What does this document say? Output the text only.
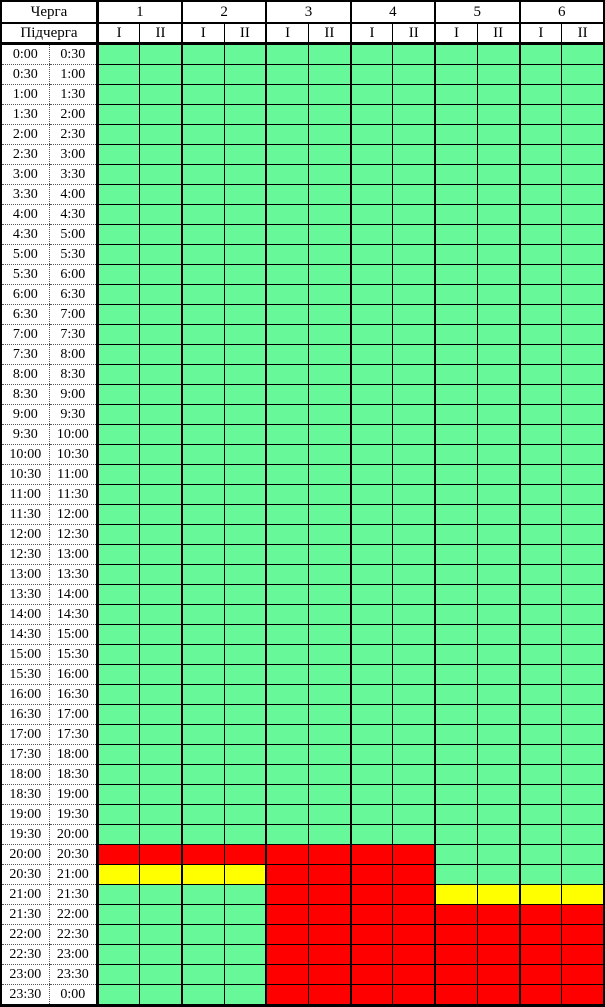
Черга		1		2		3		4		5		6	
Підчерга		I	II	I	II	I	II	I	II	I	II	I	II
0:00	0:30												
0:30	1:00												
1:00	1:30												
1:30	2:00												
2:00	2:30												
2:30	3:00												
3:00	3:30												
3:30	4:00												
4:00	4:30												
4:30	5:00												
5:00	5:30												
5:30	6:00												
6:00	6:30												
6:30	7:00												
7:00	7:30												
7:30	8:00												
8:00	8:30												
8:30	9:00												
9:00	9:30												
9:30	10:00												
10:00	10:30												
10:30	11:00												
11:00	11:30												
11:30	12:00												
12:00	12:30												
12:30	13:00												
13:00	13:30												
13:30	14:00												
14:00	14:30												
14:30	15:00												
15:00	15:30												
15:30	16:00												
16:00	16:30												
16:30	17:00												
17:00	17:30												
17:30	18:00												
18:00	18:30												
18:30	19:00												
19:00	19:30												
19:30	20:00												
20:00	20:30												
20:30	21:00												
21:00	21:30												
21:30	22:00												
22:00	22:30												
22:30	23:00												
23:00	23:30												
23:30	0:00												
